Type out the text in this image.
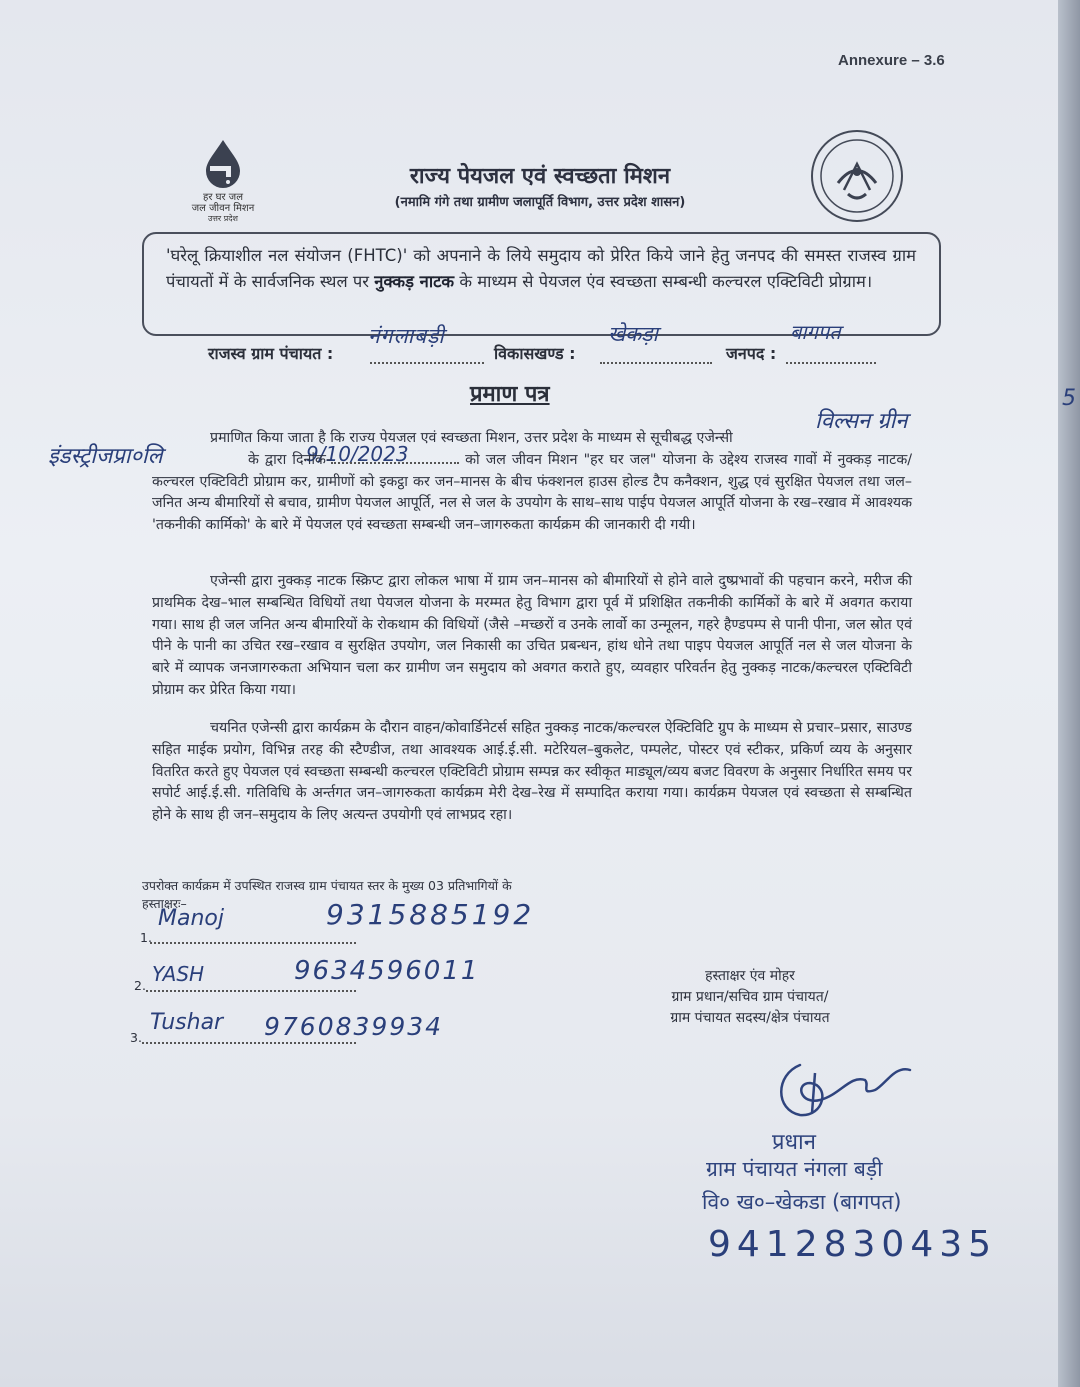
Annexure – 3.6
हर घर जल
जल जीवन मिशन
उत्तर प्रदेश
राज्य पेयजल एवं स्वच्छता मिशन
(नमामि गंगे तथा ग्रामीण जलापूर्ति विभाग, उत्तर प्रदेश शासन)
'घरेलू क्रियाशील नल संयोजन (FHTC)' को अपनाने के लिये समुदाय को प्रेरित किये जाने हेतु जनपद की समस्त राजस्व ग्राम पंचायतों में के सार्वजनिक स्थल पर नुक्कड़ नाटक के माध्यम से पेयजल एंव स्वच्छता सम्बन्धी कल्चरल एक्टिविटी प्रोग्राम।
राजस्व ग्राम पंचायत :
नंगलाबड़ी
विकासखण्ड :
खेकड़ा
जनपद :
बागपत
प्रमाण पत्र	5
विल्सन ग्रीन
इंडस्ट्रीजप्रा०लि	9/10/2023
प्रमाणित किया जाता है कि राज्य पेयजल एवं स्वच्छता मिशन, उत्तर प्रदेश के माध्यम से सूचीबद्ध एजेन्सी
के द्वारा दिनांक-	को जल जीवन मिशन "हर घर जल" योजना के उद्देश्य राजस्व गावों में नुक्कड़ नाटक/कल्चरल एक्टिविटी प्रोग्राम कर, ग्रामीणों को इकट्ठा कर जन–मानस के बीच फंक्शनल हाउस होल्ड टैप कनैक्शन, शुद्ध एवं सुरक्षित पेयजल तथा जल–जनित अन्य बीमारियों से बचाव, ग्रामीण पेयजल आपूर्ति, नल से जल के उपयोग के साथ–साथ पाईप पेयजल आपूर्ति योजना के रख–रखाव में आवश्यक 'तकनीकी कार्मिको' के बारे में पेयजल एवं स्वच्छता सम्बन्धी जन–जागरुकता कार्यक्रम की जानकारी दी गयी।
एजेन्सी द्वारा नुक्कड़ नाटक स्क्रिप्ट द्वारा लोकल भाषा में ग्राम जन–मानस को बीमारियों से होने वाले दुष्प्रभावों की पहचान करने, मरीज की प्राथमिक देख–भाल सम्बन्धित विधियों तथा पेयजल योजना के मरम्मत हेतु विभाग द्वारा पूर्व में प्रशिक्षित तकनीकी कार्मिकों के बारे में अवगत कराया गया। साथ ही जल जनित अन्य बीमारियों के रोकथाम की विधियों (जैसे –मच्छरों व उनके लार्वो का उन्मूलन, गहरे हैण्डपम्प से पानी पीना, जल स्रोत एवं पीने के पानी का उचित रख–रखाव व सुरक्षित उपयोग, जल निकासी का उचित प्रबन्धन, हांथ धोने तथा पाइप पेयजल आपूर्ति नल से जल योजना के बारे में व्यापक जनजागरुकता अभियान चला कर ग्रामीण जन समुदाय को अवगत कराते हुए, व्यवहार परिवर्तन हेतु नुक्कड़ नाटक/कल्चरल एक्टिविटी प्रोग्राम कर प्रेरित किया गया।
चयनित एजेन्सी द्वारा कार्यक्रम के दौरान वाहन/कोवार्डिनेटर्स सहित नुक्कड़ नाटक/कल्चरल ऐक्टिविटि ग्रुप के माध्यम से प्रचार–प्रसार, साउण्ड सहित माईक प्रयोग, विभिन्न तरह की स्टैण्डीज, तथा आवश्यक आई.ई.सी. मटेरियल–बुकलेट, पम्पलेट, पोस्टर एवं स्टीकर, प्रकिर्ण व्यय के अनुसार वितरित करते हुए पेयजल एवं स्वच्छता सम्बन्धी कल्चरल एक्टिविटी प्रोग्राम सम्पन्न कर स्वीकृत माड्यूल/व्यय बजट विवरण के अनुसार निर्धारित समय पर सपोर्ट आई.ई.सी. गतिविधि के अर्न्तगत जन–जागरुकता कार्यक्रम मेरी देख–रेख में सम्पादित कराया गया। कार्यक्रम पेयजल एवं स्वच्छता से सम्बन्धित होने के साथ ही जन–समुदाय के लिए अत्यन्त उपयोगी एवं लाभप्रद रहा।
उपरोक्त कार्यक्रम में उपस्थित राजस्व ग्राम पंचायत स्तर के मुख्य 03 प्रतिभागियों के
हस्ताक्षरः–
1.
Manoj	9315885192
2. YASH	9634596011
3.
Tushar 9760839934
हस्ताक्षर एंव मोहर
ग्राम प्रधान/सचिव ग्राम पंचायत/
ग्राम पंचायत सदस्य/क्षेत्र पंचायत
प्रधान
ग्राम पंचायत नंगला बड़ी
वि० ख०–खेकडा (बागपत)
9412830435
